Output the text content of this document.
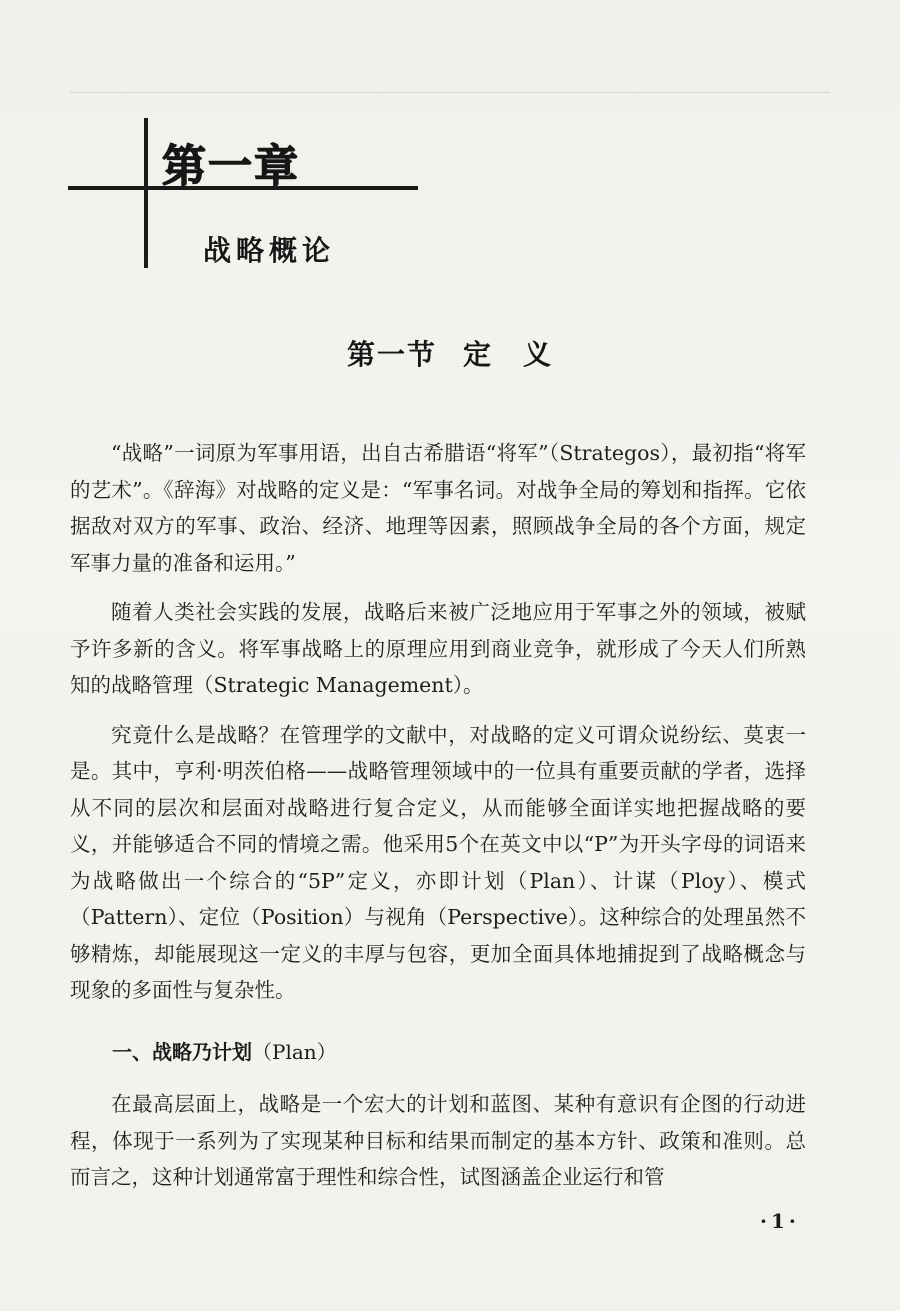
第一章
战略概论
第一节 定 义

“战略”一词原为军事用语，出自古希腊语“将军”（Strategos），最初指“将军的艺术”。《辞海》对战略的定义是：“军事名词。对战争全局的筹划和指挥。它依据敌对双方的军事、政治、经济、地理等因素，照顾战争全局的各个方面，规定军事力量的准备和运用。”

随着人类社会实践的发展，战略后来被广泛地应用于军事之外的领域，被赋予许多新的含义。将军事战略上的原理应用到商业竞争，就形成了今天人们所熟知的战略管理（Strategic Management）。

究竟什么是战略？在管理学的文献中，对战略的定义可谓众说纷纭、莫衷一是。其中，亨利·明茨伯格——战略管理领域中的一位具有重要贡献的学者，选择从不同的层次和层面对战略进行复合定义，从而能够全面详实地把握战略的要义，并能够适合不同的情境之需。他采用5个在英文中以“P”为开头字母的词语来为战略做出一个综合的“5P”定义，亦即计划（Plan）、计谋（Ploy）、模式（Pattern）、定位（Position）与视角（Perspective）。这种综合的处理虽然不够精炼，却能展现这一定义的丰厚与包容，更加全面具体地捕捉到了战略概念与现象的多面性与复杂性。

一、战略乃计划（Plan）

在最高层面上，战略是一个宏大的计划和蓝图、某种有意识有企图的行动进程，体现于一系列为了实现某种目标和结果而制定的基本方针、政策和准则。总而言之，这种计划通常富于理性和综合性，试图涵盖企业运行和管

·1·
